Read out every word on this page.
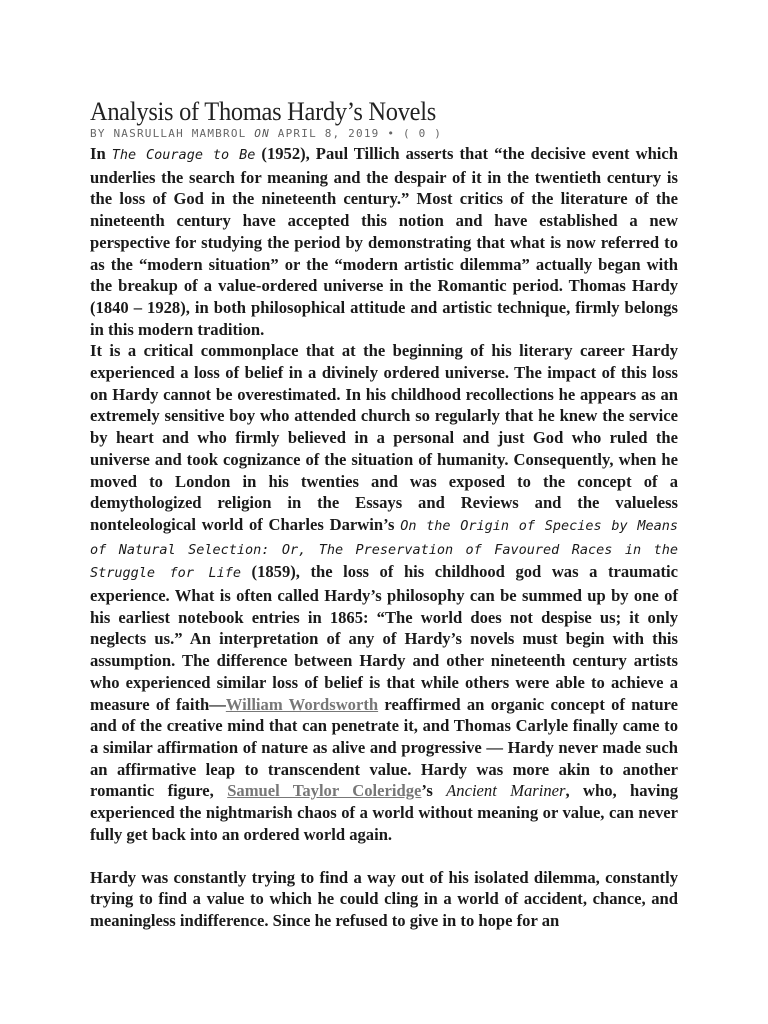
Analysis of Thomas Hardy’s Novels
BY NASRULLAH MAMBROL ON APRIL 8, 2019 • ( 0 )

In The Courage to Be (1952), Paul Tillich asserts that “the decisive event which underlies the search for meaning and the despair of it in the twentieth century is the loss of God in the nineteenth century.” Most critics of the literature of the nineteenth century have accepted this notion and have established a new perspective for studying the period by demonstrating that what is now referred to as the “modern situation” or the “modern artistic dilemma” actually began with the breakup of a value-ordered universe in the Romantic period. Thomas Hardy (1840 – 1928), in both philosophical attitude and artistic technique, firmly belongs in this modern tradition.

It is a critical commonplace that at the beginning of his literary career Hardy experienced a loss of belief in a divinely ordered universe. The impact of this loss on Hardy cannot be overestimated. In his childhood recollections he appears as an extremely sensitive boy who attended church so regularly that he knew the service by heart and who firmly believed in a personal and just God who ruled the universe and took cognizance of the situation of humanity. Consequently, when he moved to London in his twenties and was exposed to the concept of a demythologized religion in the Essays and Reviews and the valueless nonteleological world of Charles Darwin’s On the Origin of Species by Means of Natural Selection: Or, The Preservation of Favoured Races in the Struggle for Life (1859), the loss of his childhood god was a traumatic experience. What is often called Hardy’s philosophy can be summed up by one of his earliest notebook entries in 1865: “The world does not despise us; it only neglects us.” An interpretation of any of Hardy’s novels must begin with this assumption. The difference between Hardy and other nineteenth century artists who experienced similar loss of belief is that while others were able to achieve a measure of faith—William Wordsworth reaffirmed an organic concept of nature and of the creative mind that can penetrate it, and Thomas Carlyle finally came to a similar affirmation of nature as alive and progressive — Hardy never made such an affirmative leap to transcendent value. Hardy was more akin to another romantic figure, Samuel Taylor Coleridge’s Ancient Mariner, who, having experienced the nightmarish chaos of a world without meaning or value, can never fully get back into an ordered world again.

Hardy was constantly trying to find a way out of his isolated dilemma, constantly trying to find a value to which he could cling in a world of accident, chance, and meaningless indifference. Since he refused to give in to hope for an
